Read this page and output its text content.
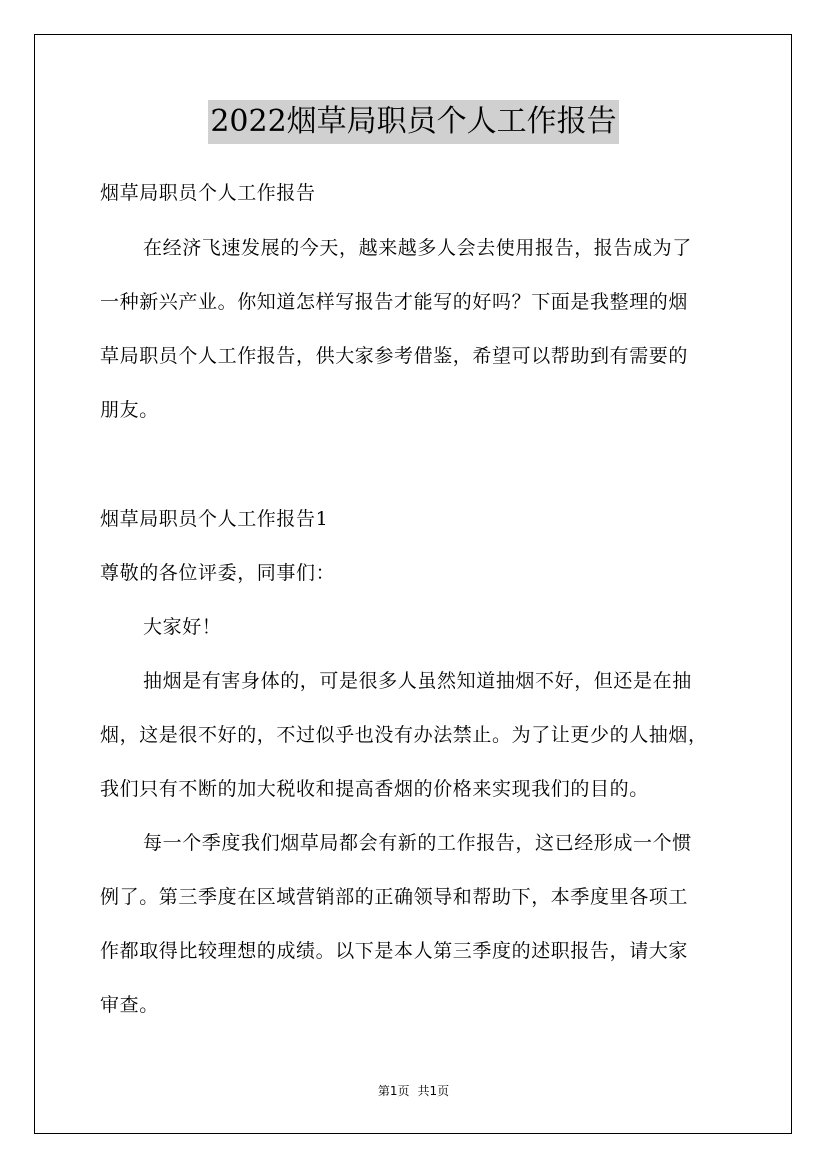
2022烟草局职员个人工作报告
烟草局职员个人工作报告
在经济飞速发展的今天，越来越多人会去使用报告，报告成为了
一种新兴产业。你知道怎样写报告才能写的好吗？下面是我整理的烟
草局职员个人工作报告，供大家参考借鉴，希望可以帮助到有需要的
朋友。
烟草局职员个人工作报告1
尊敬的各位评委，同事们：
大家好！
抽烟是有害身体的，可是很多人虽然知道抽烟不好，但还是在抽
烟，这是很不好的，不过似乎也没有办法禁止。为了让更少的人抽烟，
我们只有不断的加大税收和提高香烟的价格来实现我们的目的。
每一个季度我们烟草局都会有新的工作报告，这已经形成一个惯
例了。第三季度在区域营销部的正确领导和帮助下，本季度里各项工
作都取得比较理想的成绩。以下是本人第三季度的述职报告，请大家
审查。
第1页 共1页
